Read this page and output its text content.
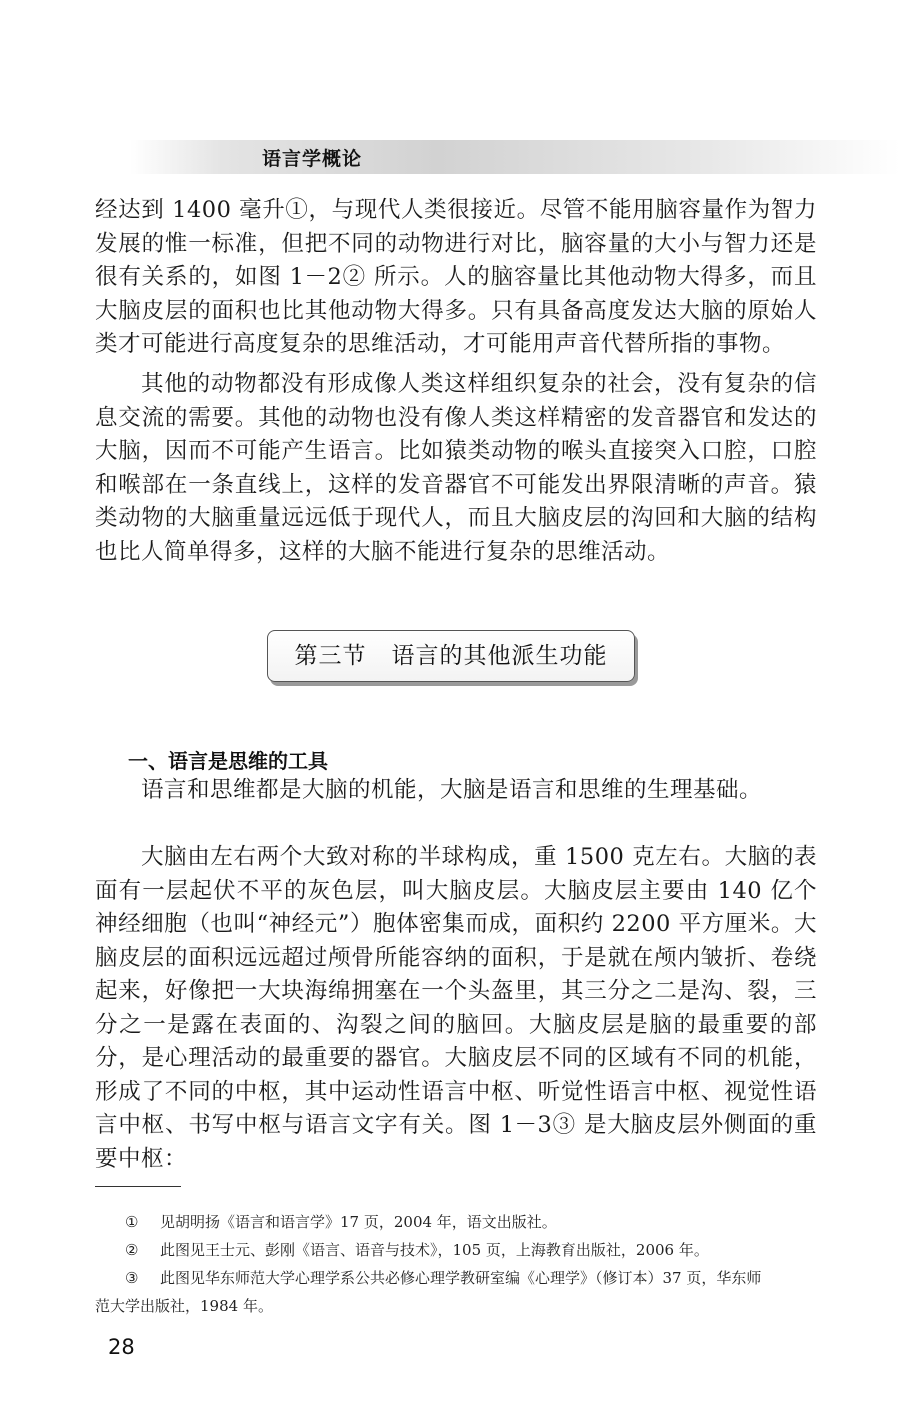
语言学概论

经达到 1400 毫升①，与现代人类很接近。尽管不能用脑容量作为智力发展的惟一标准，但把不同的动物进行对比，脑容量的大小与智力还是很有关系的，如图 1－2② 所示。人的脑容量比其他动物大得多，而且大脑皮层的面积也比其他动物大得多。只有具备高度发达大脑的原始人类才可能进行高度复杂的思维活动，才可能用声音代替所指的事物。

其他的动物都没有形成像人类这样组织复杂的社会，没有复杂的信息交流的需要。其他的动物也没有像人类这样精密的发音器官和发达的大脑，因而不可能产生语言。比如猿类动物的喉头直接突入口腔，口腔和喉部在一条直线上，这样的发音器官不可能发出界限清晰的声音。猿类动物的大脑重量远远低于现代人，而且大脑皮层的沟回和大脑的结构也比人简单得多，这样的大脑不能进行复杂的思维活动。

第三节 语言的其他派生功能
一、语言是思维的工具

语言和思维都是大脑的机能，大脑是语言和思维的生理基础。

大脑由左右两个大致对称的半球构成，重 1500 克左右。大脑的表面有一层起伏不平的灰色层，叫大脑皮层。大脑皮层主要由 140 亿个神经细胞（也叫“神经元”）胞体密集而成，面积约 2200 平方厘米。大脑皮层的面积远远超过颅骨所能容纳的面积，于是就在颅内皱折、卷绕起来，好像把一大块海绵拥塞在一个头盔里，其三分之二是沟、裂，三分之一是露在表面的、沟裂之间的脑回。大脑皮层是脑的最重要的部分，是心理活动的最重要的器官。大脑皮层不同的区域有不同的机能，形成了不同的中枢，其中运动性语言中枢、听觉性语言中枢、视觉性语言中枢、书写中枢与语言文字有关。图 1－3③ 是大脑皮层外侧面的重要中枢：

① 见胡明扬《语言和语言学》17 页，2004 年，语文出版社。

② 此图见王士元、彭刚《语言、语音与技术》，105 页，上海教育出版社，2006 年。

③ 此图见华东师范大学心理学系公共必修心理学教研室编《心理学》（修订本）37 页，华东师

范大学出版社，1984 年。

28
